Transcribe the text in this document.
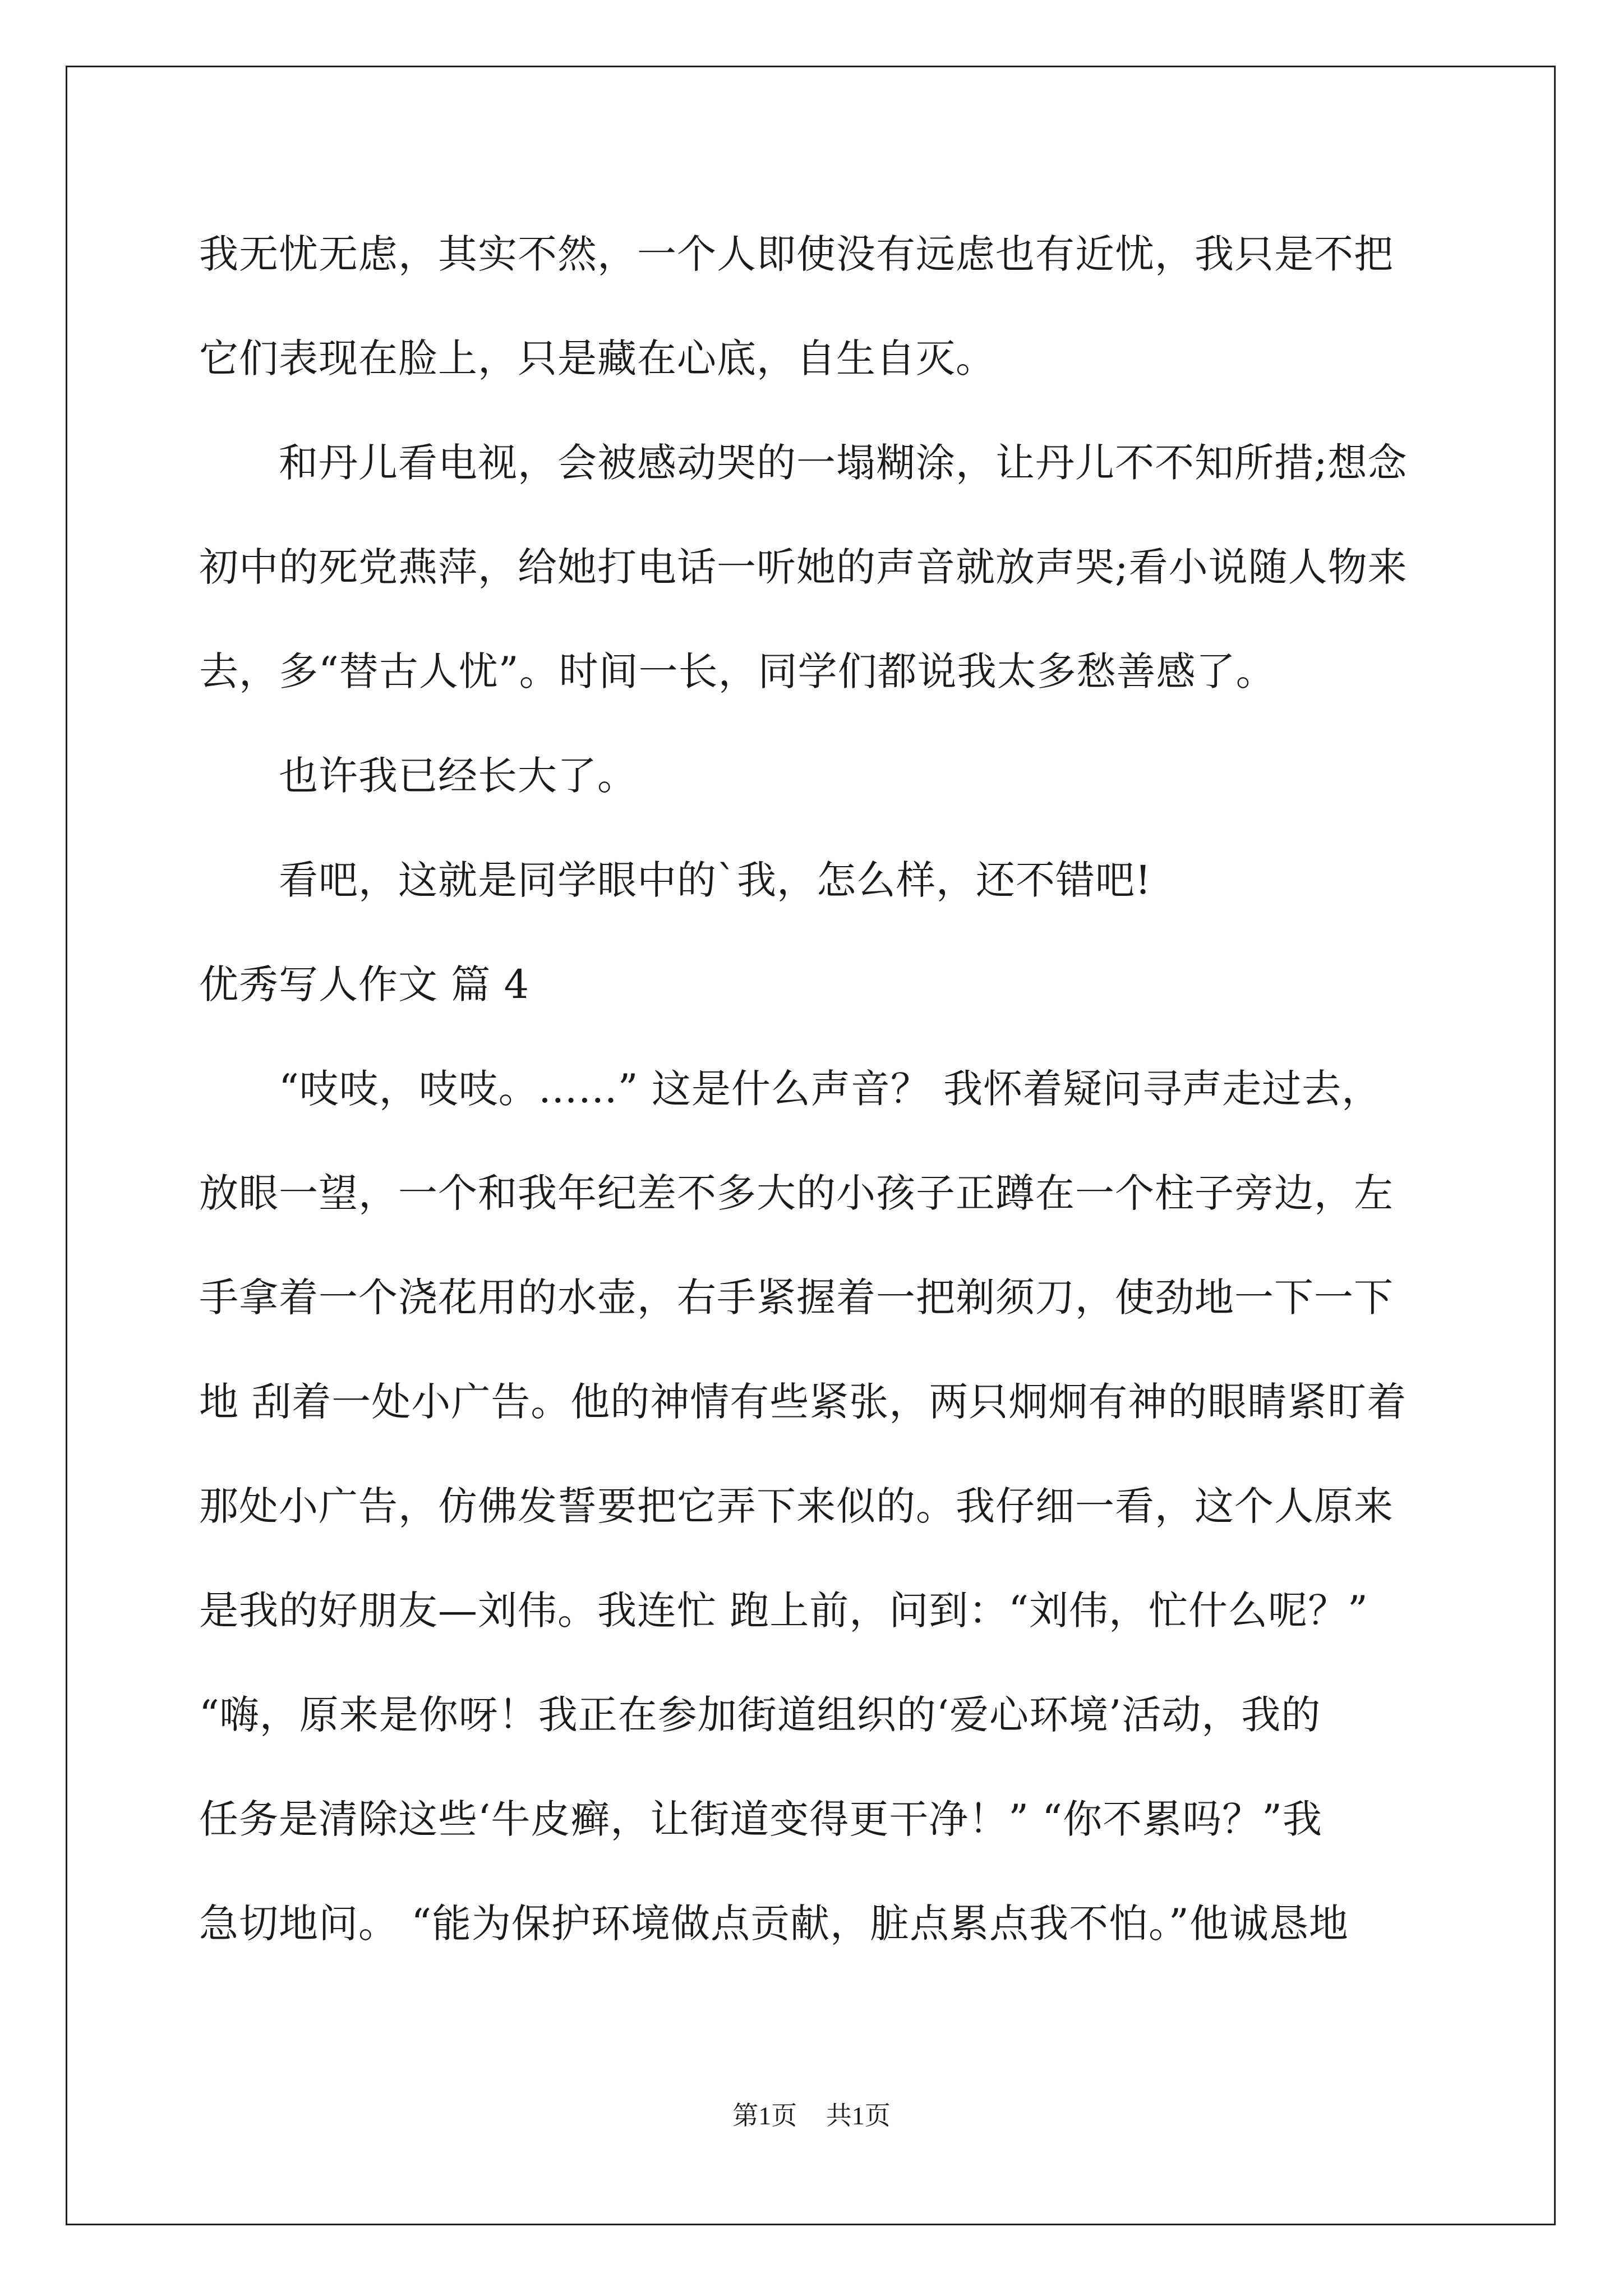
我无忧无虑，其实不然，一个人即使没有远虑也有近忧，我只是不把
它们表现在脸上，只是藏在心底，自生自灭。
和丹儿看电视，会被感动哭的一塌糊涂，让丹儿不不知所措;想念
初中的死党燕萍，给她打电话一听她的声音就放声哭;看小说随人物来
去，多“替古人忧”。时间一长，同学们都说我太多愁善感了。
也许我已经长大了。
看吧，这就是同学眼中的`我，怎么样，还不错吧!
优秀写人作文 篇 4
“吱吱，吱吱。……” 这是什么声音？ 我怀着疑问寻声走过去，
放眼一望，一个和我年纪差不多大的小孩子正蹲在一个柱子旁边，左
手拿着一个浇花用的水壶，右手紧握着一把剃须刀，使劲地一下一下
地 刮着一处小广告。他的神情有些紧张，两只炯炯有神的眼睛紧盯着
那处小广告，仿佛发誓要把它弄下来似的。我仔细一看，这个人原来
是我的好朋友—刘伟。我连忙 跑上前，问到：“刘伟，忙什么呢？”
“嗨，原来是你呀！我正在参加街道组织的‘爱心环境’活动，我的
任务是清除这些‘牛皮癣，让街道变得更干净！” “你不累吗？”我
急切地问。 “能为保护环境做点贡献，脏点累点我不怕。”他诚恳地
第1页 共1页
